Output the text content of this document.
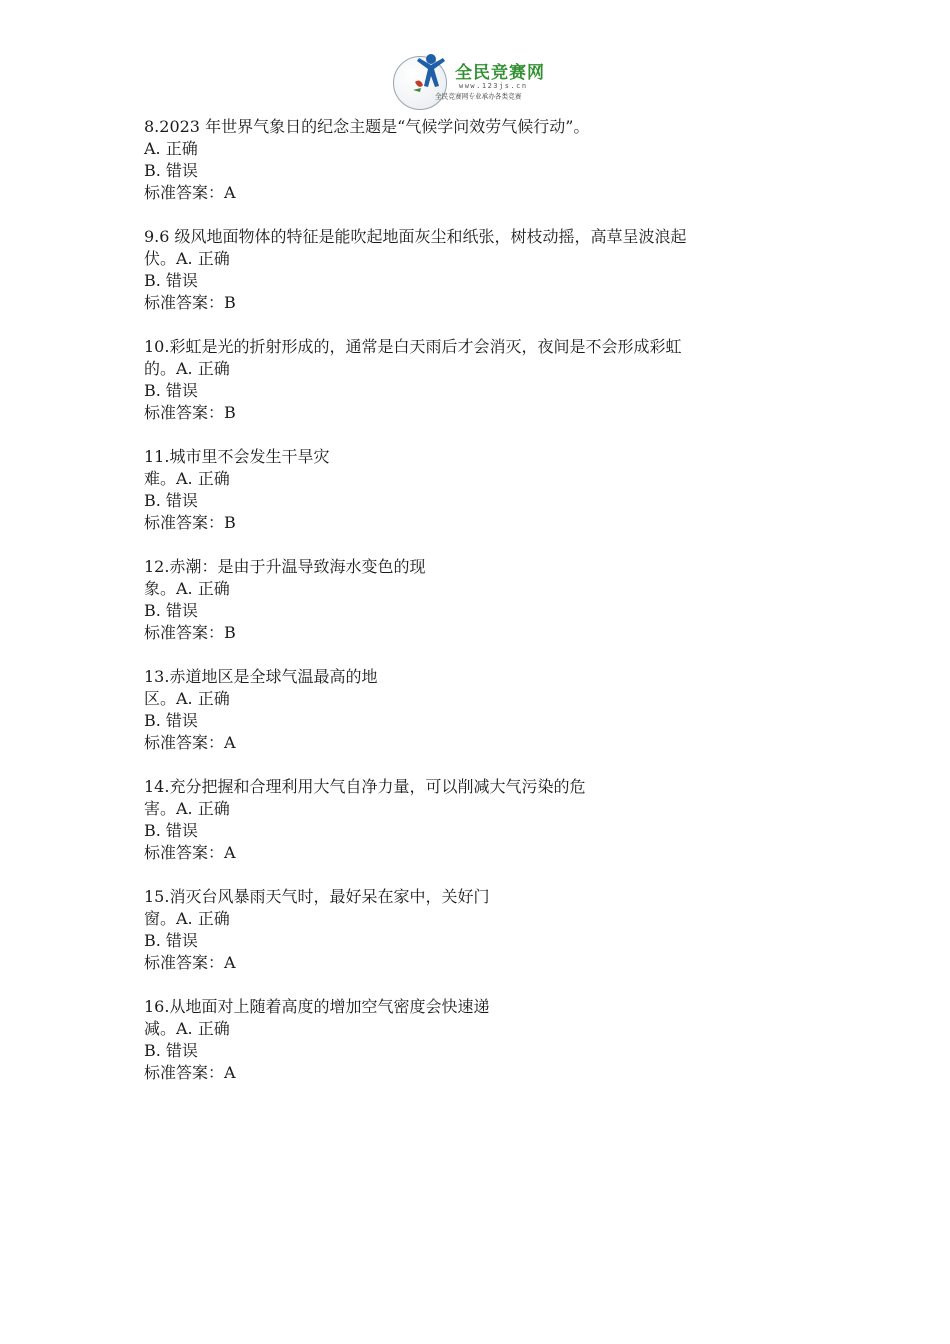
全民竞赛网
www.123js.cn
全民竞赛网专业承办各类竞赛

8.2023 年世界气象日的纪念主题是“气候学问效劳气候行动”。

A. 正确

B. 错误

标准答案：A

9.6 级风地面物体的特征是能吹起地面灰尘和纸张，树枝动摇，高草呈波浪起

伏。A. 正确

B. 错误

标准答案：B

10.彩虹是光的折射形成的，通常是白天雨后才会消灭，夜间是不会形成彩虹

的。A. 正确

B. 错误

标准答案：B

11.城市里不会发生干旱灾

难。A. 正确

B. 错误

标准答案：B

12.赤潮：是由于升温导致海水变色的现

象。A. 正确

B. 错误

标准答案：B

13.赤道地区是全球气温最高的地

区。A. 正确

B. 错误

标准答案：A

14.充分把握和合理利用大气自净力量，可以削减大气污染的危

害。A. 正确

B. 错误

标准答案：A

15.消灭台风暴雨天气时，最好呆在家中，关好门

窗。A. 正确

B. 错误

标准答案：A

16.从地面对上随着高度的增加空气密度会快速递

减。A. 正确

B. 错误

标准答案：A
